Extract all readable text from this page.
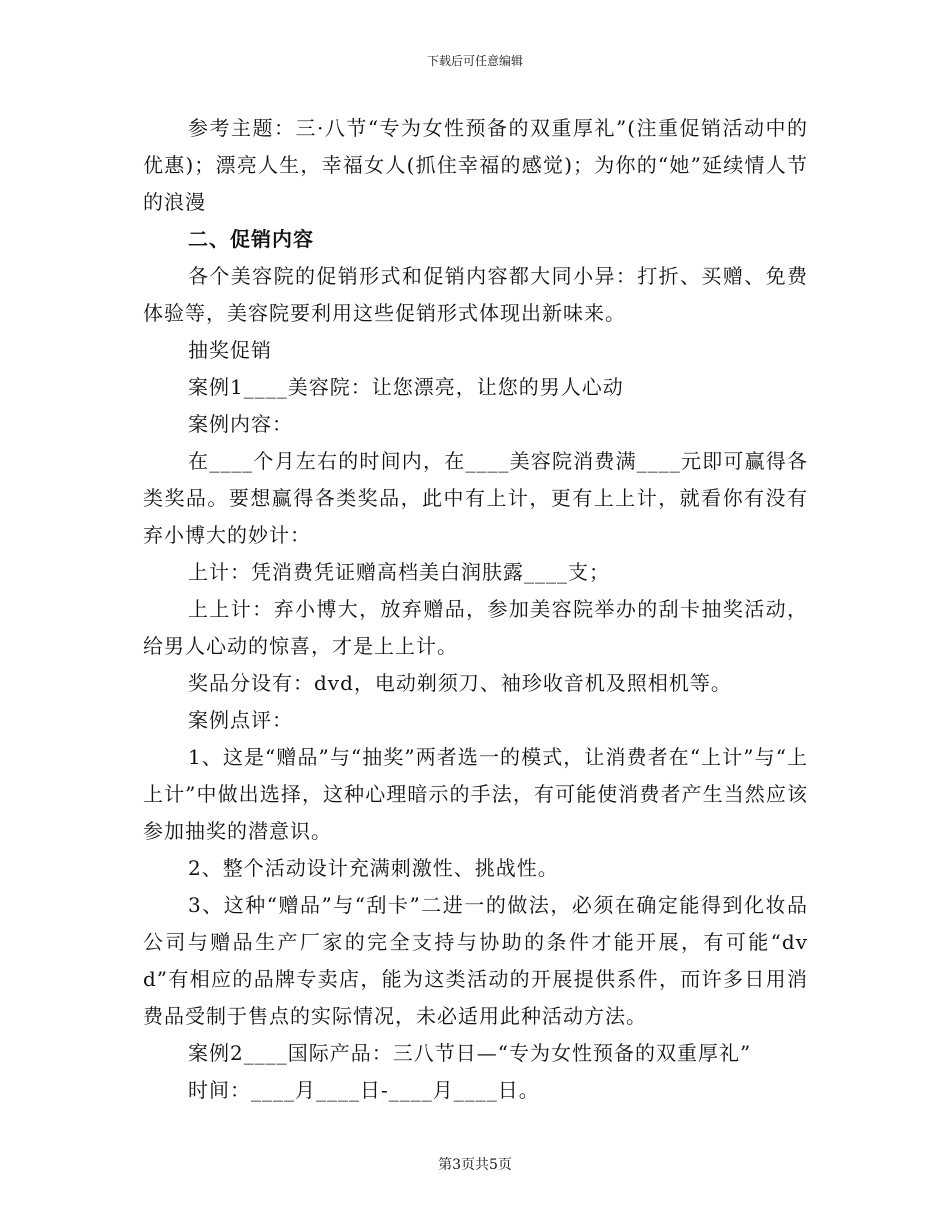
下载后可任意编辑

参考主题：三·八节“专为女性预备的双重厚礼”(注重促销活动中的优惠)；漂亮人生，幸福女人(抓住幸福的感觉)；为你的“她”延续情人节的浪漫

二、促销内容

各个美容院的促销形式和促销内容都大同小异：打折、买赠、免费体验等，美容院要利用这些促销形式体现出新味来。

抽奖促销

案例1____美容院：让您漂亮，让您的男人心动

案例内容：

在____个月左右的时间内，在____美容院消费满____元即可赢得各类奖品。要想赢得各类奖品，此中有上计，更有上上计，就看你有没有弃小博大的妙计：

上计：凭消费凭证赠高档美白润肤露____支；

上上计：弃小博大，放弃赠品，参加美容院举办的刮卡抽奖活动，给男人心动的惊喜，才是上上计。

奖品分设有：dvd，电动剃须刀、袖珍收音机及照相机等。

案例点评：

1、这是“赠品”与“抽奖”两者选一的模式，让消费者在“上计”与“上上计”中做出选择，这种心理暗示的手法，有可能使消费者产生当然应该参加抽奖的潜意识。

2、整个活动设计充满刺激性、挑战性。

3、这种“赠品”与“刮卡”二进一的做法，必须在确定能得到化妆品公司与赠品生产厂家的完全支持与协助的条件才能开展，有可能“dvd”有相应的品牌专卖店，能为这类活动的开展提供系件，而许多日用消费品受制于售点的实际情况，未必适用此种活动方法。

案例2____国际产品：三八节日—“专为女性预备的双重厚礼”

时间：____月____日-____月____日。

第3页共5页
